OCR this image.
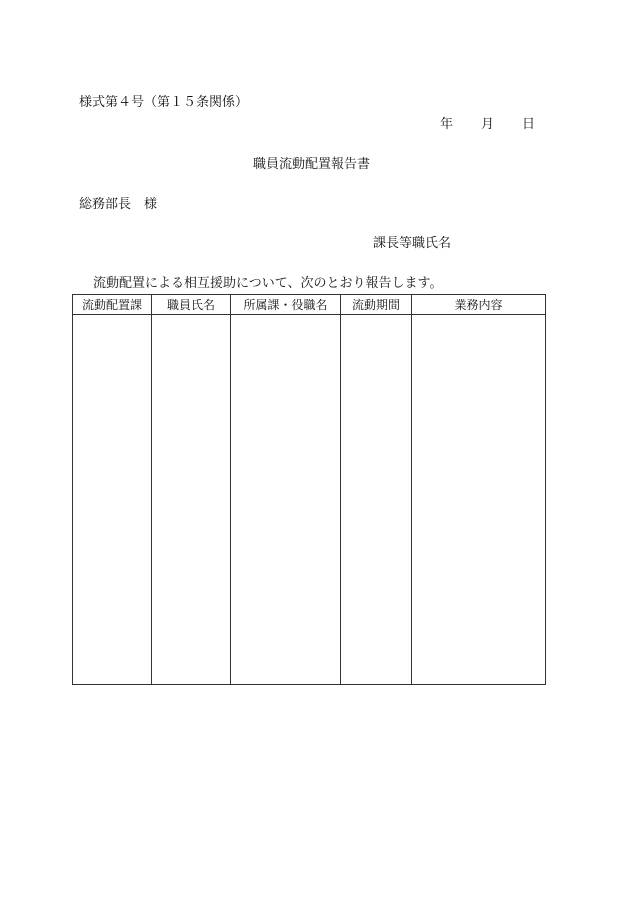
様式第４号（第１５条関係）
年 月 日
職員流動配置報告書
総務部長　様
課長等職氏名
流動配置による相互援助について、次のとおり報告します。
流動配置課	職員氏名	所属課・役職名	流動期間	業務内容
